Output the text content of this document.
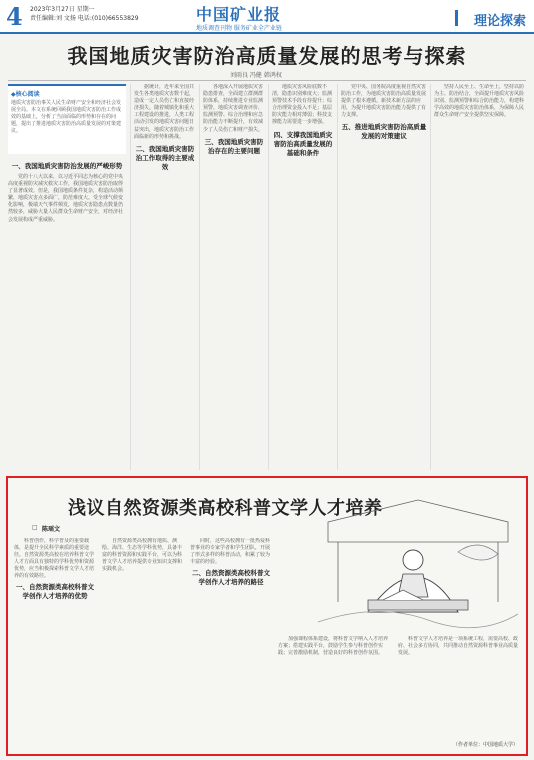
4 2023年3月27日 星期一
责任编辑:刘 文扬 电话:(010)66553829	中国矿业报
地质调查刊物 服务矿业全产业链	理论探索
我国地质灾害防治高质量发展的思考与探索
刘雨良 冯健 韩鸿权
◆核心阅读
地质灾害防治事关人民生命财产安全和经济社会发展全局。本文在系统回顾我国地质灾害防治工作成效的基础上，分析了当前面临的形势和存在的问题，提出了推进地质灾害防治高质量发展的对策建议。
一、我国地质灾害防治发展的严峻形势

党的十八大以来，以习近平同志为核心的党中央高度重视防灾减灾救灾工作，我国地质灾害防治取得了显著成效。但是，我国地质条件复杂，构造活动频繁，地质灾害点多面广，防范难度大。受全球气候变化影响，极端天气事件频发，地质灾害隐患点数量仍然较多，威胁大量人民群众生命财产安全，对经济社会发展构成严重威胁。

据统计，近年来全国共发生各类地质灾害数千起，造成一定人员伤亡和直接经济损失。随着城镇化和重大工程建设的推进，人类工程活动引发的地质灾害问题日益突出，地质灾害防治工作面临新的形势和挑战。

二、我国地质灾害防治工作取得的主要成效

各地深入开展地质灾害隐患排查，全面建立群测群防体系，持续推进专业监测预警。地质灾害调查评价、监测预警、综合治理和应急防治能力不断提升，有效减少了人员伤亡和财产损失。

三、我国地质灾害防治存在的主要问题

地质灾害风险底数不清，隐患识别难度大；监测预警技术手段有待提升；综合治理资金投入不足；基层防灾能力相对薄弱；科技支撑能力需要进一步增强。

四、支撑我国地质灾害防治高质量发展的基础和条件

党中央、国务院高度重视自然灾害防治工作，为地质灾害防治高质量发展提供了根本遵循。新技术新方法的应用，为提升地质灾害防治能力提供了有力支撑。

五、推进地质灾害防治高质量发展的对策建议

坚持人民至上、生命至上，坚持以防为主、防治结合，全面提升地质灾害风险识别、监测预警和综合防治能力，构建科学高效的地质灾害防治体系，为保障人民群众生命财产安全提供坚实保障。

浅议自然资源类高校科普文学人才培养
□ 陈瑶文

科普创作，科学普及的重要载体，是提升全民科学素质的重要途径。自然资源类高校在培养科普文学人才方面具有独特的学科优势和资源优势，应当积极探索科普文学人才培养的有效路径。

一、自然资源类高校科普文学创作人才培养的优势

自然资源类高校拥有地质、测绘、海洋、生态等学科优势，具备丰富的科普资源和实践平台，可以为科普文学人才培养提供专业知识支撑和实践机会。

同时，这些高校拥有一批热爱科普事业的专家学者和学生团队，开展了形式多样的科普活动，积累了较为丰富的经验。

二、自然资源类高校科普文学创作人才培养的路径

加强课程体系建设，将科普文学纳入人才培养方案；搭建实践平台，鼓励学生参与科普创作实践；完善激励机制，营造良好的科普创作氛围。

科普文学人才培养是一项系统工程，需要高校、政府、社会多方协同，共同推动自然资源科普事业高质量发展。

（作者单位：中国地质大学）
